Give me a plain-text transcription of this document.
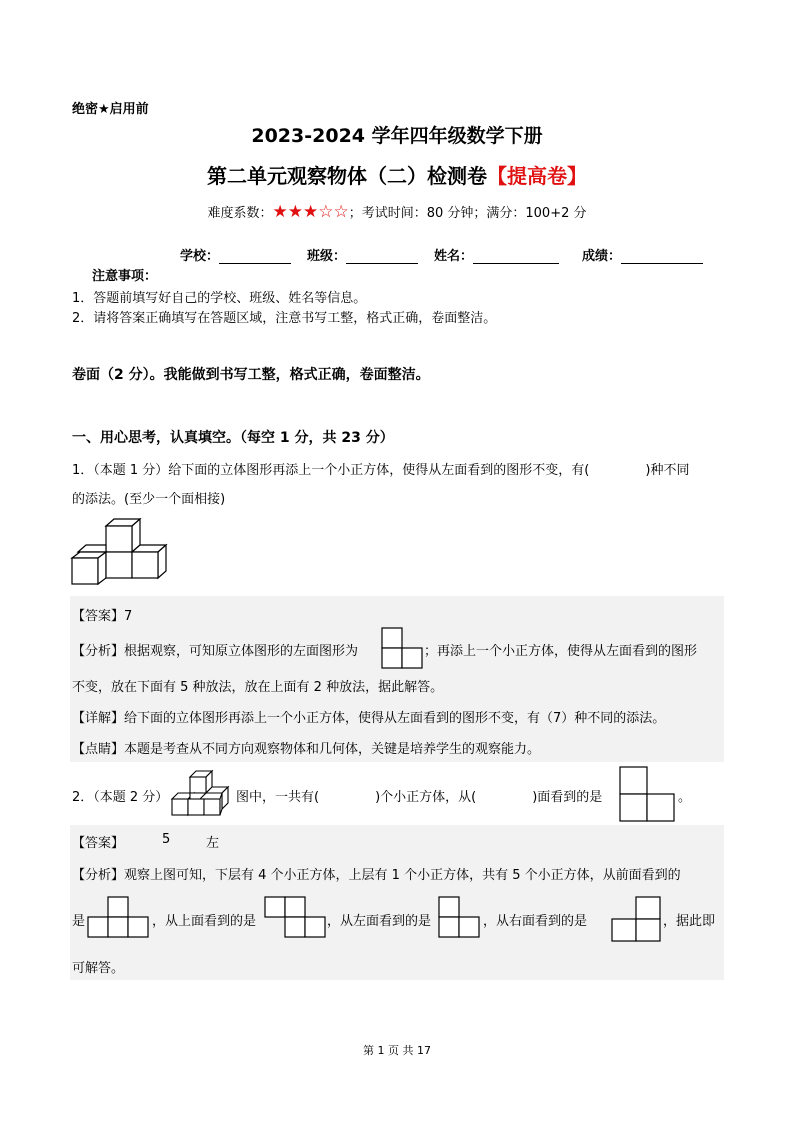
绝密★启用前
2023-2024 学年四年级数学下册
第二单元观察物体（二）检测卷【提高卷】
难度系数：★★★☆☆；考试时间：80 分钟；满分：100+2 分
学校：	班级：	姓名：	成绩：
注意事项：
1．答题前填写好自己的学校、班级、姓名等信息。
2．请将答案正确填写在答题区域，注意书写工整，格式正确，卷面整洁。
卷面（2 分）。我能做到书写工整，格式正确，卷面整洁。
一、用心思考，认真填空。（每空 1 分，共 23 分）
1．（本题 1 分）给下面的立体图形再添上一个小正方体，使得从左面看到的图形不变，有(	)种不同
的添法。(至少一个面相接)
【答案】7
【分析】根据观察，可知原立体图形的左面图形为	；再添上一个小正方体，使得从左面看到的图形
不变，放在下面有 5 种放法，放在上面有 2 种放法，据此解答。
【详解】给下面的立体图形再添上一个小正方体，使得从左面看到的图形不变，有（7）种不同的添法。
【点睛】本题是考查从不同方向观察物体和几何体，关键是培养学生的观察能力。
2．（本题 2 分）	图中，一共有(	)个小正方体，从(	)面看到的是	。
【答案】	5	左
【分析】观察上图可知，下层有 4 个小正方体，上层有 1 个小正方体，共有 5 个小正方体，从前面看到的
是	，从上面看到的是	，从左面看到的是	，从右面看到的是	，据此即
可解答。
第 1 页 共 17
